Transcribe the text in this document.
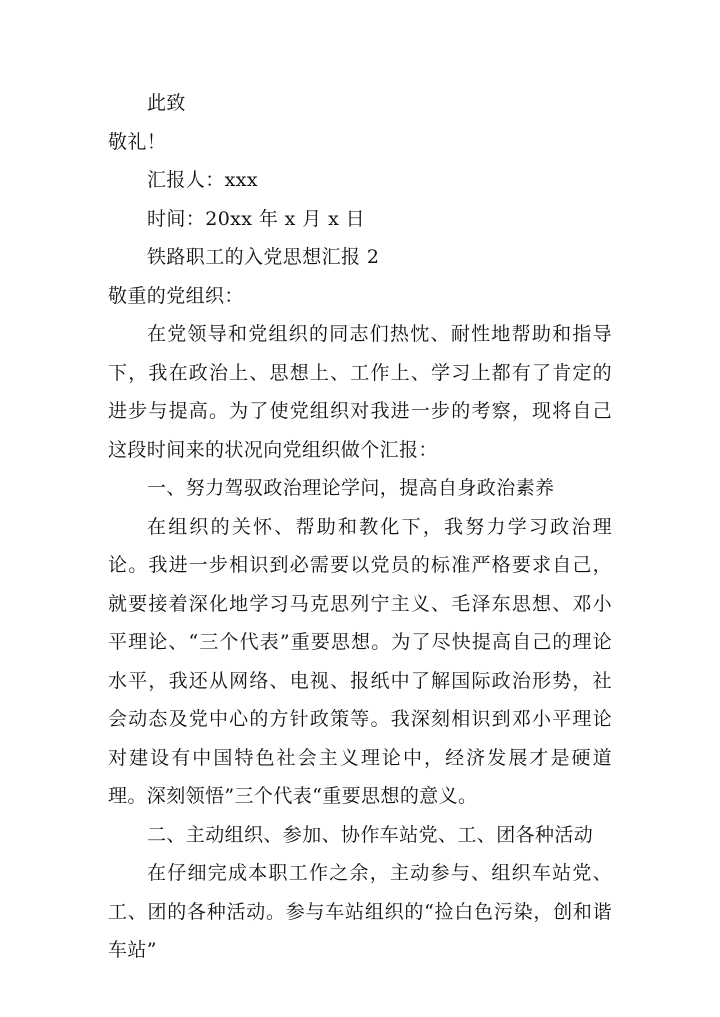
此致

敬礼！

汇报人：xxx

时间：20xx 年 x 月 x 日

铁路职工的入党思想汇报 2

敬重的党组织：

在党领导和党组织的同志们热忱、耐性地帮助和指导下，我在政治上、思想上、工作上、学习上都有了肯定的进步与提高。为了使党组织对我进一步的考察，现将自己这段时间来的状况向党组织做个汇报：

一、努力驾驭政治理论学问，提高自身政治素养

在组织的关怀、帮助和教化下，我努力学习政治理论。我进一步相识到必需要以党员的标准严格要求自己，就要接着深化地学习马克思列宁主义、毛泽东思想、邓小平理论、“三个代表”重要思想。为了尽快提高自己的理论水平，我还从网络、电视、报纸中了解国际政治形势，社会动态及党中心的方针政策等。我深刻相识到邓小平理论对建设有中国特色社会主义理论中，经济发展才是硬道理。深刻领悟”三个代表“重要思想的意义。

二、主动组织、参加、协作车站党、工、团各种活动

在仔细完成本职工作之余，主动参与、组织车站党、工、团的各种活动。参与车站组织的“捡白色污染，创和谐车站”
